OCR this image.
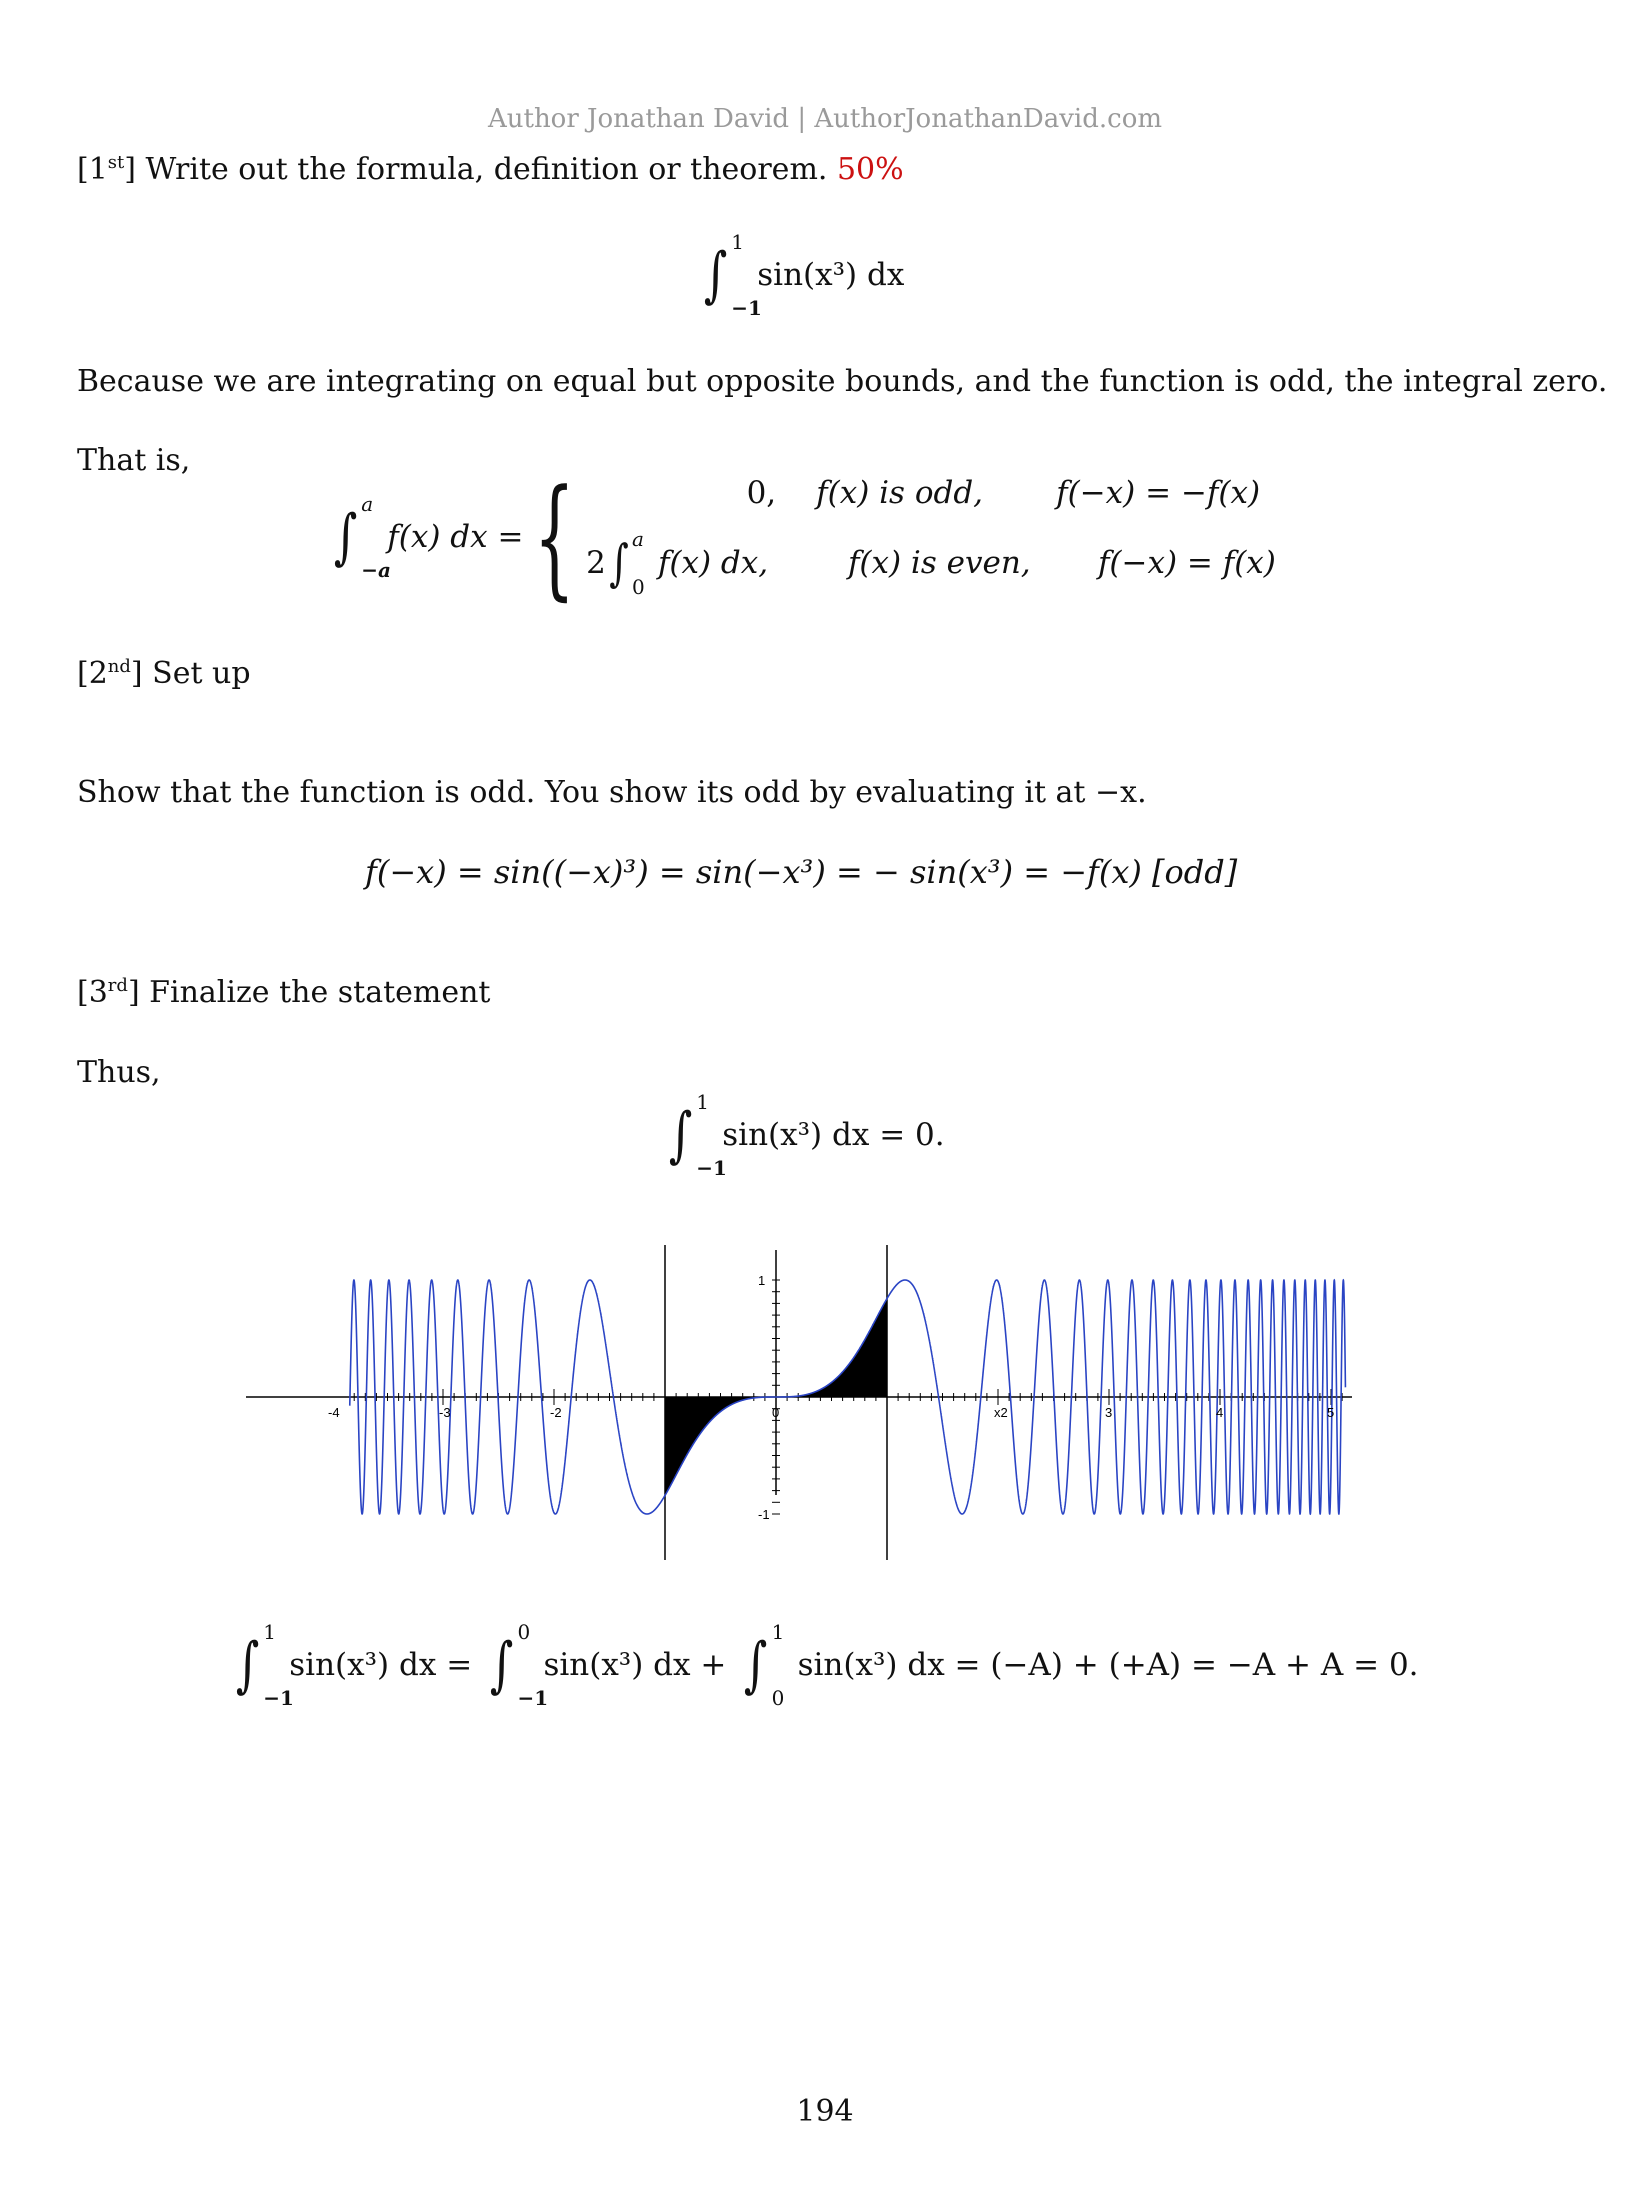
Author Jonathan David | AuthorJonathanDavid.com
[1st] Write out the formula, definition or theorem. 50%
∫ 1
−1
sin(x³) dx
Because we are integrating on equal but opposite bounds, and the function is odd, the integral zero.
That is,
∫ a
−a
f(x) dx = {	0,	f(x) is odd,	f(−x) = −f(x)
2 ∫ a
0
f(x) dx,	f(x) is even,	f(−x) = f(x)
[2nd] Set up
Show that the function is odd. You show its odd by evaluating it at −x.
f(−x) = sin((−x)³) = sin(−x³) = − sin(x³) = −f(x) [odd]
[3rd] Finalize the statement
Thus,
∫ 1
−1
sin(x³) dx = 0.
-4	-3	-2	0	x2	3	4	5
1
-1
∫ 1
−1
sin(x³) dx = ∫ 0
−1
sin(x³) dx + ∫ 1
0
sin(x³) dx = (−A) + (+A) = −A + A = 0.
194
